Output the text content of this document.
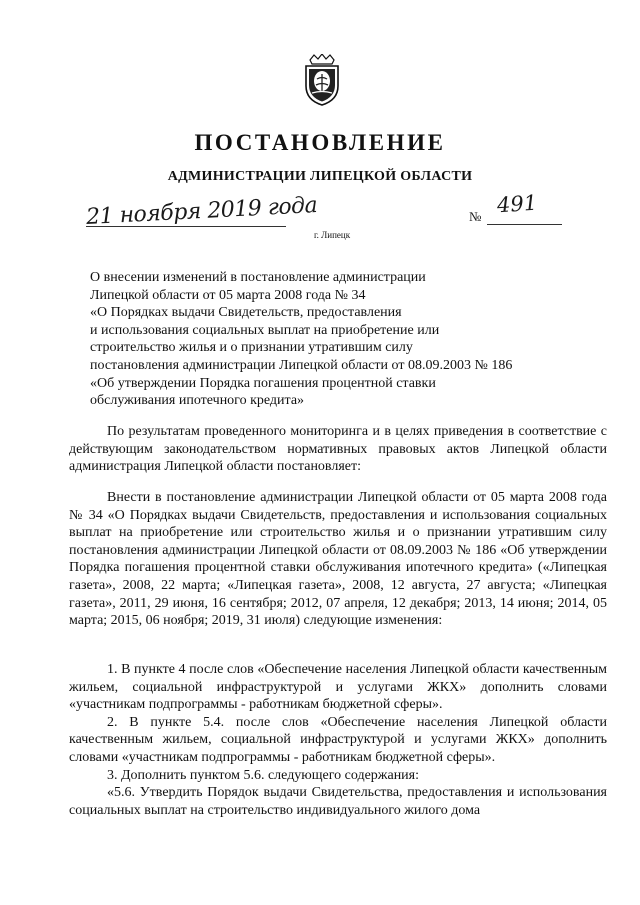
ПОСТАНОВЛЕНИЕ
АДМИНИСТРАЦИИ ЛИПЕЦКОЙ ОБЛАСТИ
21 ноября 2019 года
г. Липецк
№ 491
О внесении изменений в постановление администрации
Липецкой области от 05 марта 2008 года № 34
«О Порядках выдачи Свидетельств, предоставления
и использования социальных выплат на приобретение или
строительство жилья и о признании утратившим силу
постановления администрации Липецкой области от 08.09.2003 № 186
«Об утверждении Порядка погашения процентной ставки
обслуживания ипотечного кредита»
По результатам проведенного мониторинга и в целях приведения в соответствие с действующим законодательством нормативных правовых актов Липецкой области администрация Липецкой области постановляет:
Внести в постановление администрации Липецкой области от 05 марта 2008 года № 34 «О Порядках выдачи Свидетельств, предоставления и использования социальных выплат на приобретение или строительство жилья и о признании утратившим силу постановления администрации Липецкой области от 08.09.2003 № 186 «Об утверждении Порядка погашения процентной ставки обслуживания ипотечного кредита» («Липецкая газета», 2008, 22 марта; «Липецкая газета», 2008, 12 августа, 27 августа; «Липецкая газета», 2011, 29 июня, 16 сентября; 2012, 07 апреля, 12 декабря; 2013, 14 июня; 2014, 05 марта; 2015, 06 ноября; 2019, 31 июля) следующие изменения:
1. В пункте 4 после слов «Обеспечение населения Липецкой области качественным жильем, социальной инфраструктурой и услугами ЖКХ» дополнить словами «участникам подпрограммы - работникам бюджетной сферы».
2. В пункте 5.4. после слов «Обеспечение населения Липецкой области качественным жильем, социальной инфраструктурой и услугами ЖКХ» дополнить словами «участникам подпрограммы - работникам бюджетной сферы».
3. Дополнить пунктом 5.6. следующего содержания:
«5.6. Утвердить Порядок выдачи Свидетельства, предоставления и использования социальных выплат на строительство индивидуального жилого дома
